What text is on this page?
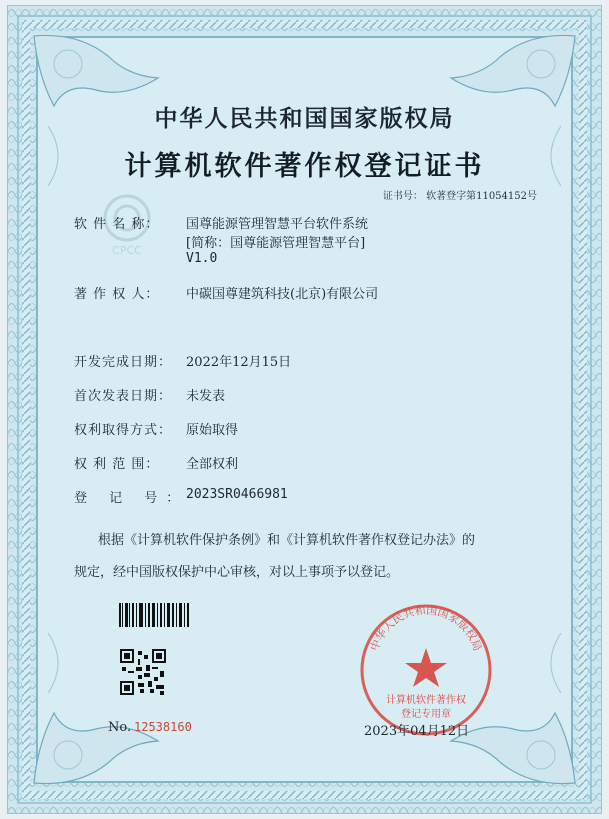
CPCC
中华人民共和国国家版权局
计算机软件著作权登记证书
证书号： 软著登字第11054152号
软 件 名 称： 国尊能源管理智慧平台软件系统
[简称：国尊能源管理智慧平台]
V1.0
著 作 权 人： 中碳国尊建筑科技(北京)有限公司
开发完成日期： 2022年12月15日
首次发表日期： 未发表
权利取得方式： 原始取得
权 利 范 围： 全部权利
登 记 号：
2023SR0466981
根据《计算机软件保护条例》和《计算机软件著作权登记办法》的
规定，经中国版权保护中心审核，对以上事项予以登记。
中华人民共和国国家版权局
计算机软件著作权
登记专用章
No. 12538160	2023年04月12日
